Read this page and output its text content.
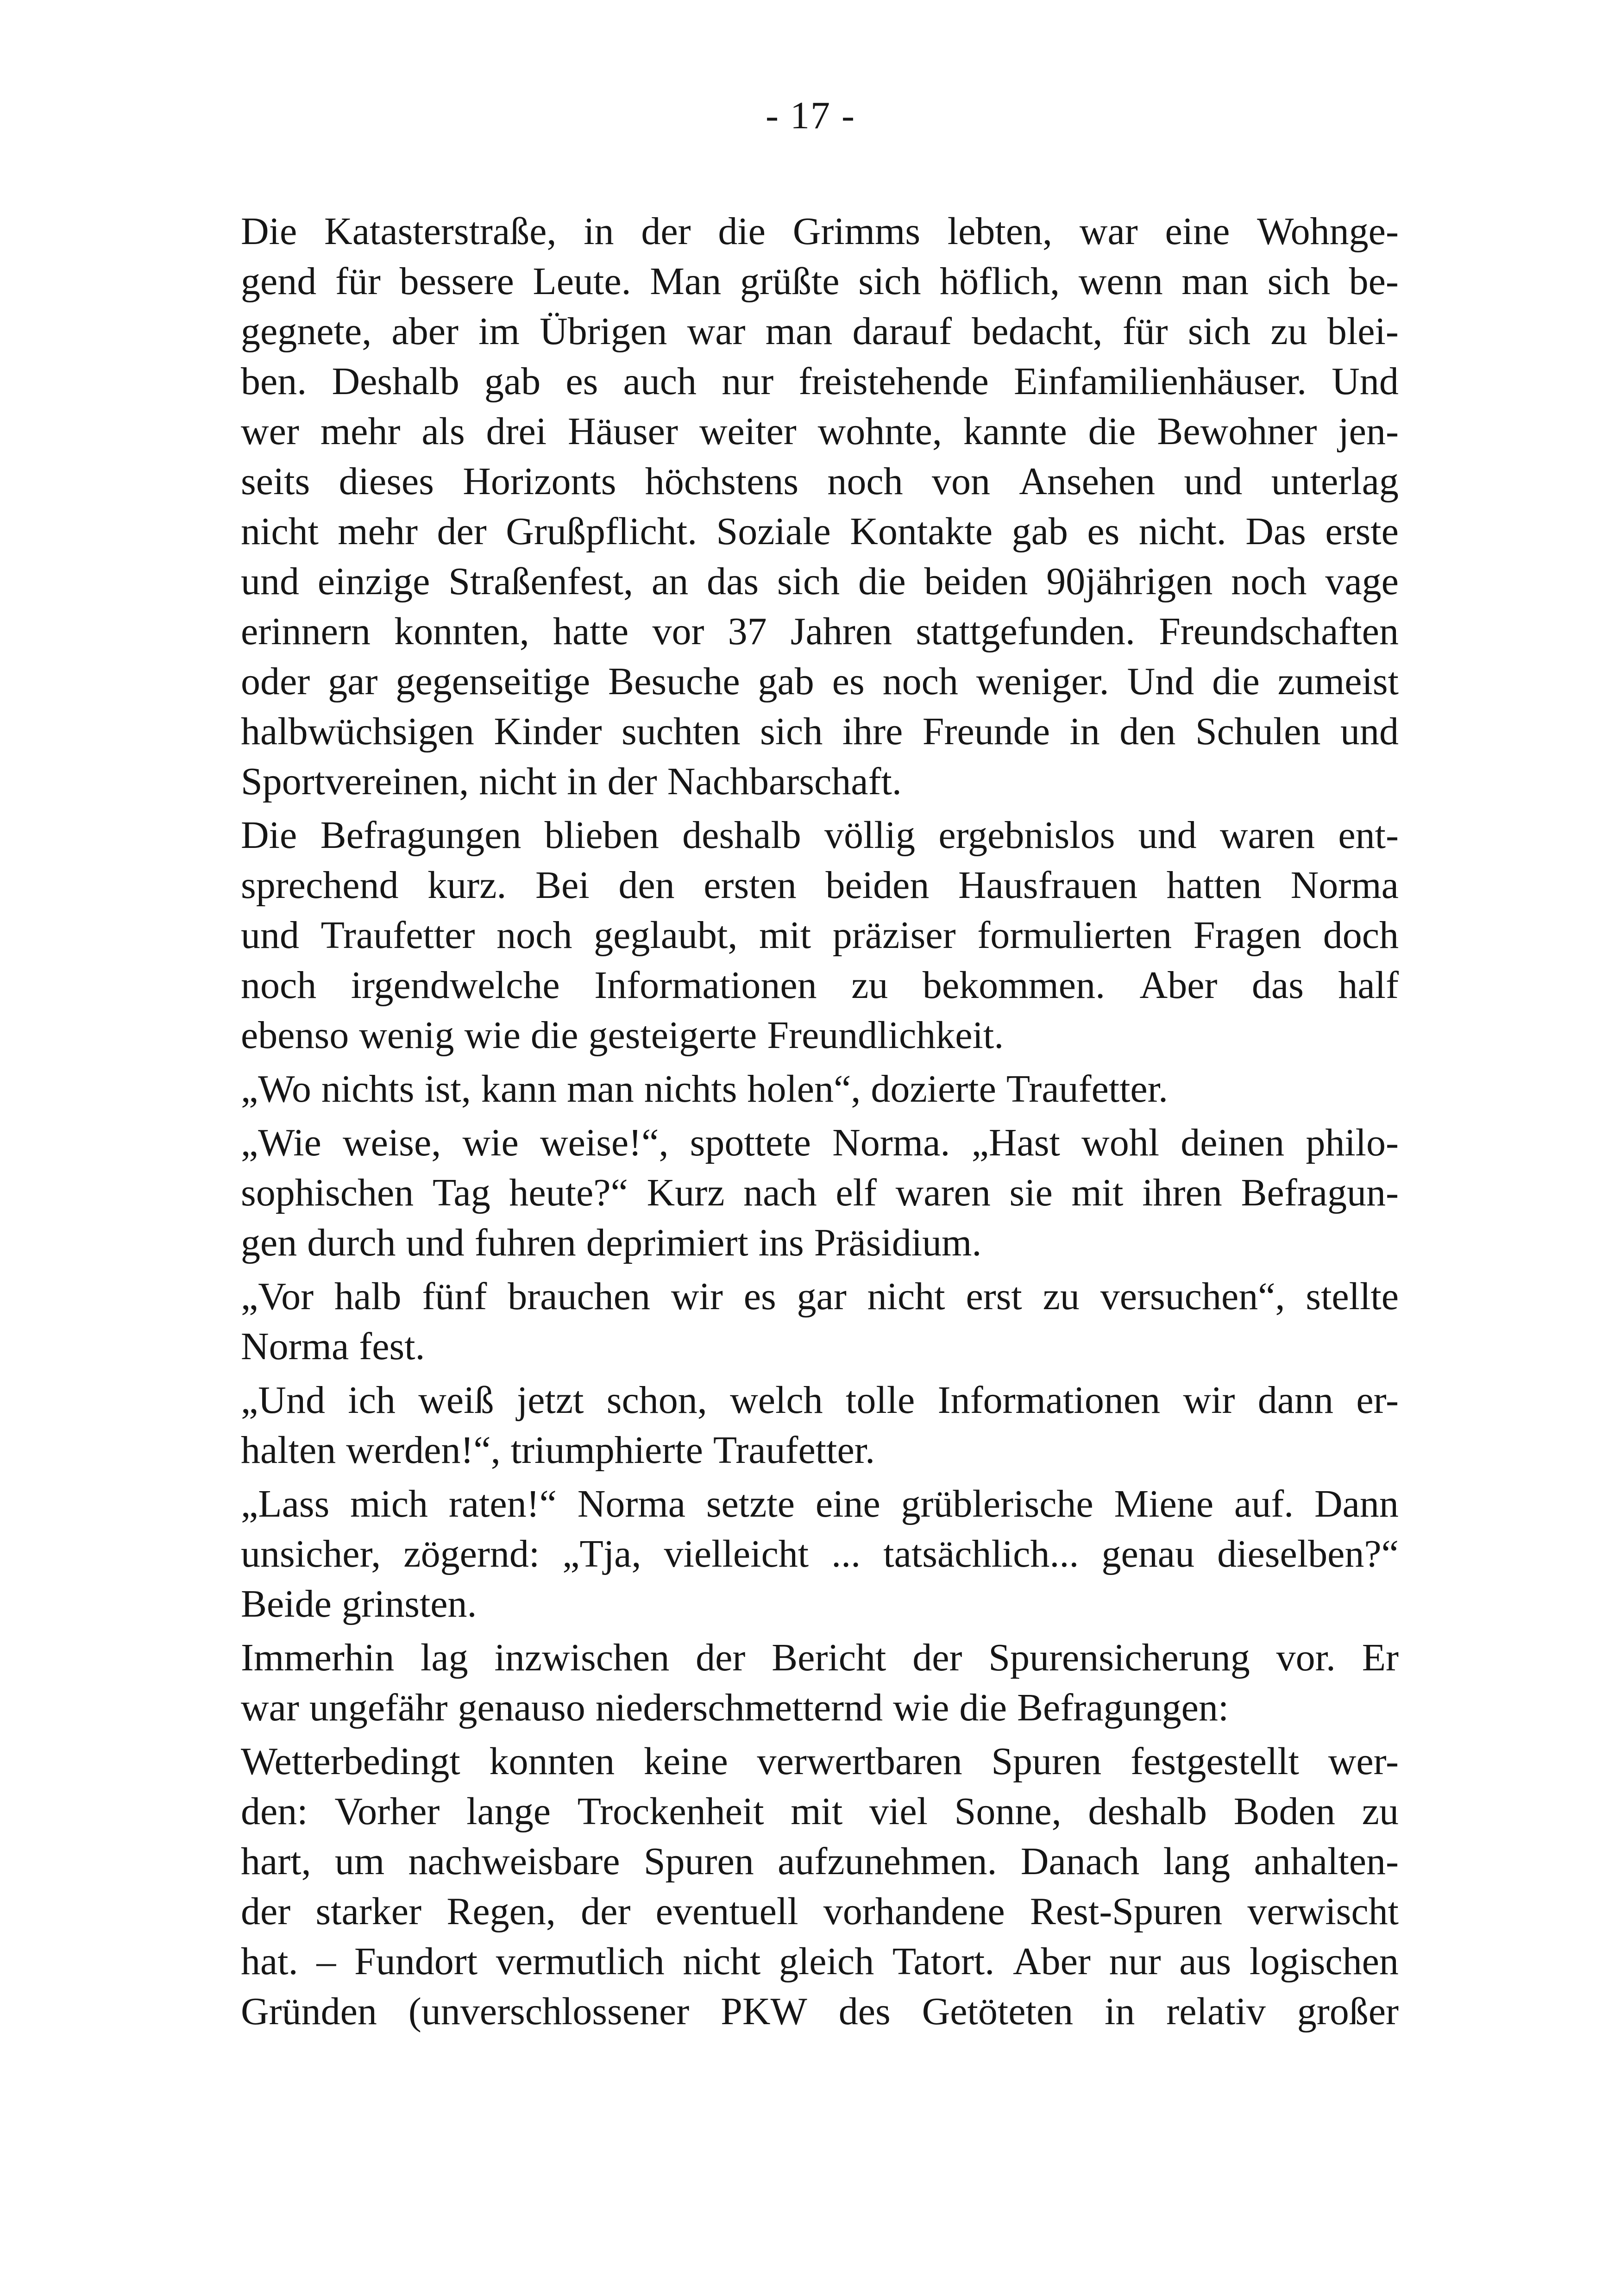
- 17 -
Die Katasterstraße, in der die Grimms lebten, war eine Wohnge-
gend für bessere Leute. Man grüßte sich höflich, wenn man sich be-
gegnete, aber im Übrigen war man darauf bedacht, für sich zu blei-
ben. Deshalb gab es auch nur freistehende Einfamilienhäuser. Und
wer mehr als drei Häuser weiter wohnte, kannte die Bewohner jen-
seits dieses Horizonts höchstens noch von Ansehen und unterlag
nicht mehr der Grußpflicht. Soziale Kontakte gab es nicht. Das erste
und einzige Straßenfest, an das sich die beiden 90jährigen noch vage
erinnern konnten, hatte vor 37 Jahren stattgefunden. Freundschaften
oder gar gegenseitige Besuche gab es noch weniger. Und die zumeist
halbwüchsigen Kinder suchten sich ihre Freunde in den Schulen und
Sportvereinen, nicht in der Nachbarschaft.
Die Befragungen blieben deshalb völlig ergebnislos und waren ent-
sprechend kurz. Bei den ersten beiden Hausfrauen hatten Norma
und Traufetter noch geglaubt, mit präziser formulierten Fragen doch
noch irgendwelche Informationen zu bekommen. Aber das half
ebenso wenig wie die gesteigerte Freundlichkeit.
„Wo nichts ist, kann man nichts holen“, dozierte Traufetter.
„Wie weise, wie weise!“, spottete Norma. „Hast wohl deinen philo-
sophischen Tag heute?“ Kurz nach elf waren sie mit ihren Befragun-
gen durch und fuhren deprimiert ins Präsidium.
„Vor halb fünf brauchen wir es gar nicht erst zu versuchen“, stellte
Norma fest.
„Und ich weiß jetzt schon, welch tolle Informationen wir dann er-
halten werden!“, triumphierte Traufetter.
„Lass mich raten!“ Norma setzte eine grüblerische Miene auf. Dann
unsicher, zögernd: „Tja, vielleicht ... tatsächlich... genau dieselben?“
Beide grinsten.
Immerhin lag inzwischen der Bericht der Spurensicherung vor. Er
war ungefähr genauso niederschmetternd wie die Befragungen:
Wetterbedingt konnten keine verwertbaren Spuren festgestellt wer-
den: Vorher lange Trockenheit mit viel Sonne, deshalb Boden zu
hart, um nachweisbare Spuren aufzunehmen. Danach lang anhalten-
der starker Regen, der eventuell vorhandene Rest-Spuren verwischt
hat. – Fundort vermutlich nicht gleich Tatort. Aber nur aus logischen
Gründen (unverschlossener PKW des Getöteten in relativ großer
